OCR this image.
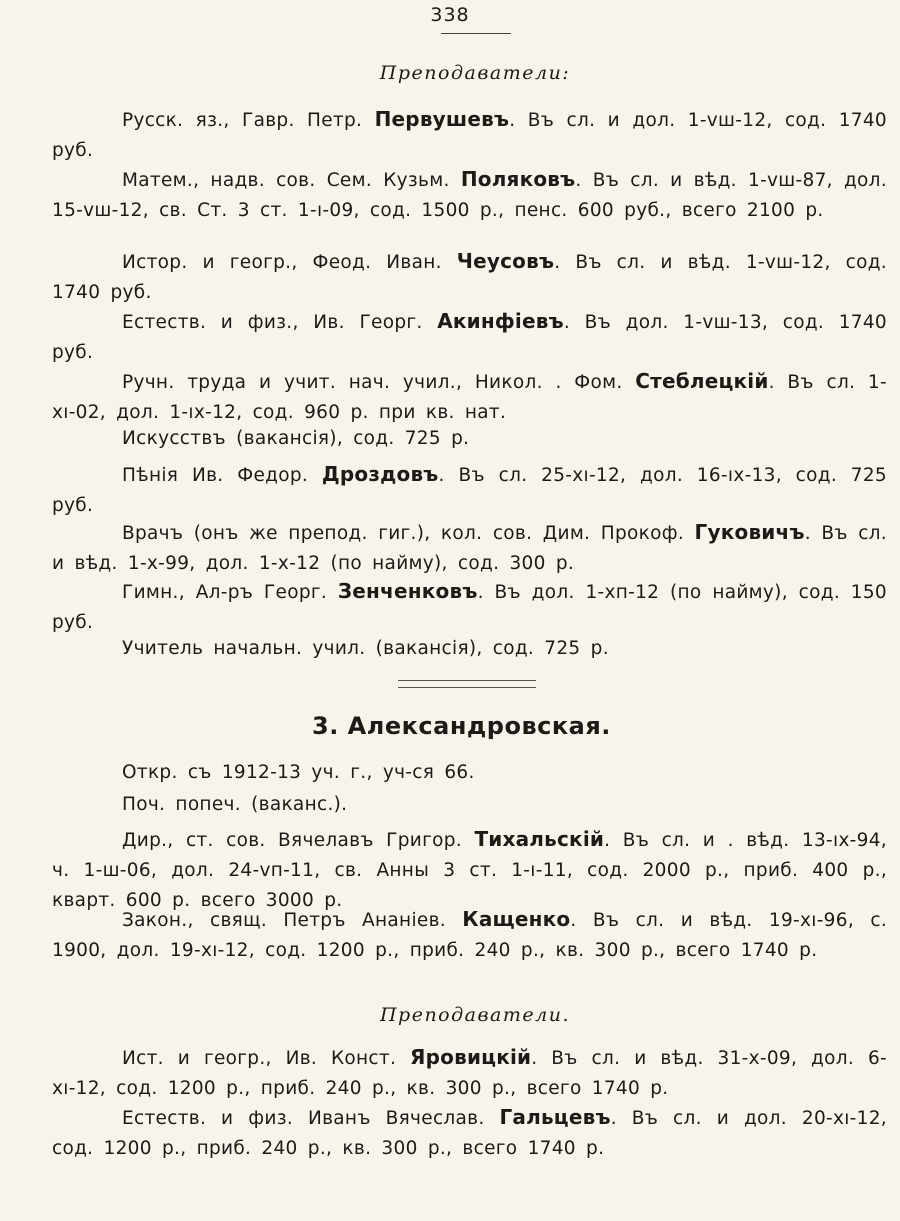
338
Преподаватели:
Русск. яз., Гавр. Петр. Первушевъ. Въ сл. и дол. 1-vш-12, сод. 1740 руб.
Матем., надв. сов. Сем. Кузьм. Поляковъ. Въ сл. и вѣд. 1-vш-87, дол. 15-vш-12, св. Ст. 3 ст. 1-ı-09, сод. 1500 р., пенс. 600 руб., всего 2100 р.
Истор. и геогр., Феод. Иван. Чеусовъ. Въ сл. и вѣд. 1-vш-12, сод. 1740 руб.
Естеств. и физ., Ив. Георг. Акинфіевъ. Въ дол. 1-vш-13, сод. 1740 руб.
Ручн. труда и учит. нач. учил., Никол. . Фом. Стеблецкій. Въ сл. 1-xı-02, дол. 1-ıx-12, сод. 960 р. при кв. нат.
Искусствъ (вакансія), сод. 725 р.
Пѣнія Ив. Федор. Дроздовъ. Въ сл. 25-xı-12, дол. 16-ıx-13, сод. 725 руб.
Врачъ (онъ же препод. гиг.), кол. сов. Дим. Прокоф. Гуковичъ. Въ сл. и вѣд. 1-x-99, дол. 1-x-12 (по найму), сод. 300 р.
Гимн., Ал-ръ Георг. Зенченковъ. Въ дол. 1-xп-12 (по найму), сод. 150 руб.
Учитель начальн. учил. (вакансія), сод. 725 р.
3. Александровская.
Откр. съ 1912-13 уч. г., уч-ся 66.
Поч. попеч. (ваканс.).
Дир., ст. сов. Вячелавъ Григор. Тихальскій. Въ сл. и . вѣд. 13-ıx-94, ч. 1-ш-06, дол. 24-vп-11, св. Анны 3 ст. 1-ı-11, сод. 2000 р., приб. 400 р., кварт. 600 р. всего 3000 р.
Закон., свящ. Петръ Ананіев. Кащенко. Въ сл. и вѣд. 19-xı-96, с. 1900, дол. 19-xı-12, сод. 1200 р., приб. 240 р., кв. 300 р., всего 1740 р.
Преподаватели.
Ист. и геогр., Ив. Конст. Яровицкій. Въ сл. и вѣд. 31-x-09, дол. 6-xı-12, сод. 1200 р., приб. 240 р., кв. 300 р., всего 1740 р.
Естеств. и физ. Иванъ Вячеслав. Гальцевъ. Въ сл. и дол. 20-xı-12, сод. 1200 р., приб. 240 р., кв. 300 р., всего 1740 р.
